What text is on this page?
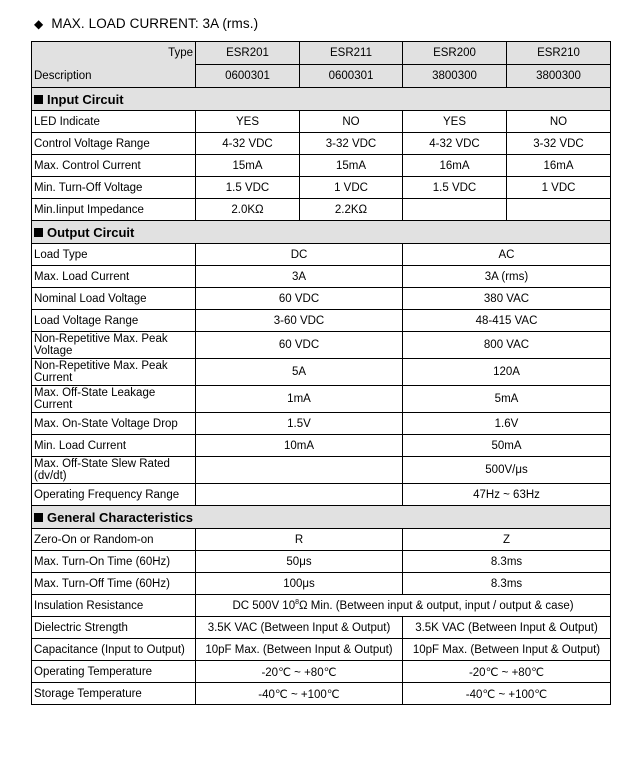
◆ MAX. LOAD CURRENT: 3A (rms.)
Type	ESR201	ESR211	ESR200	ESR210
Description	0600301	0600301	3800300	3800300
Input Circuit				
LED Indicate	YES	NO	YES	NO
Control Voltage Range	4-32 VDC	3-32 VDC	4-32 VDC	3-32 VDC
Max. Control Current	15mA	15mA	16mA	16mA
Min. Turn-Off Voltage	1.5 VDC	1 VDC	1.5 VDC	1 VDC
Min.Iinput Impedance	2.0KΩ	2.2KΩ		
Output Circuit				
Load Type	DC		AC	
Max. Load Current	3A		3A (rms)	
Nominal Load Voltage	60 VDC		380 VAC	
Load Voltage Range	3-60 VDC		48-415 VAC	
Non-Repetitive Max. Peak Voltage	60 VDC		800 VAC	
Non-Repetitive Max. Peak Current	5A		120A	
Max. Off-State Leakage Current	1mA		5mA	
Max. On-State Voltage Drop	1.5V		1.6V	
Min. Load Current	10mA		50mA	
Max. Off-State Slew Rated (dv/dt)			500V/μs	
Operating Frequency Range			47Hz ~ 63Hz	
General Characteristics				
Zero-On or Random-on	R		Z	
Max. Turn-On Time (60Hz)	50μs		8.3ms	
Max. Turn-Off Time (60Hz)	100μs		8.3ms	
Insulation Resistance	DC 500V $10^8\Omega$ Min. (Between input & output, input / output & case)			
Dielectric Strength	3.5K VAC (Between Input & Output)		3.5K VAC (Between Input & Output)	
Capacitance (Input to Output)	10pF Max. (Between Input & Output)		10pF Max. (Between Input & Output)	
Operating Temperature	-20℃ ~ +80℃		-20℃ ~ +80℃	
Storage Temperature	-40℃ ~ +100℃		-40℃ ~ +100℃	
